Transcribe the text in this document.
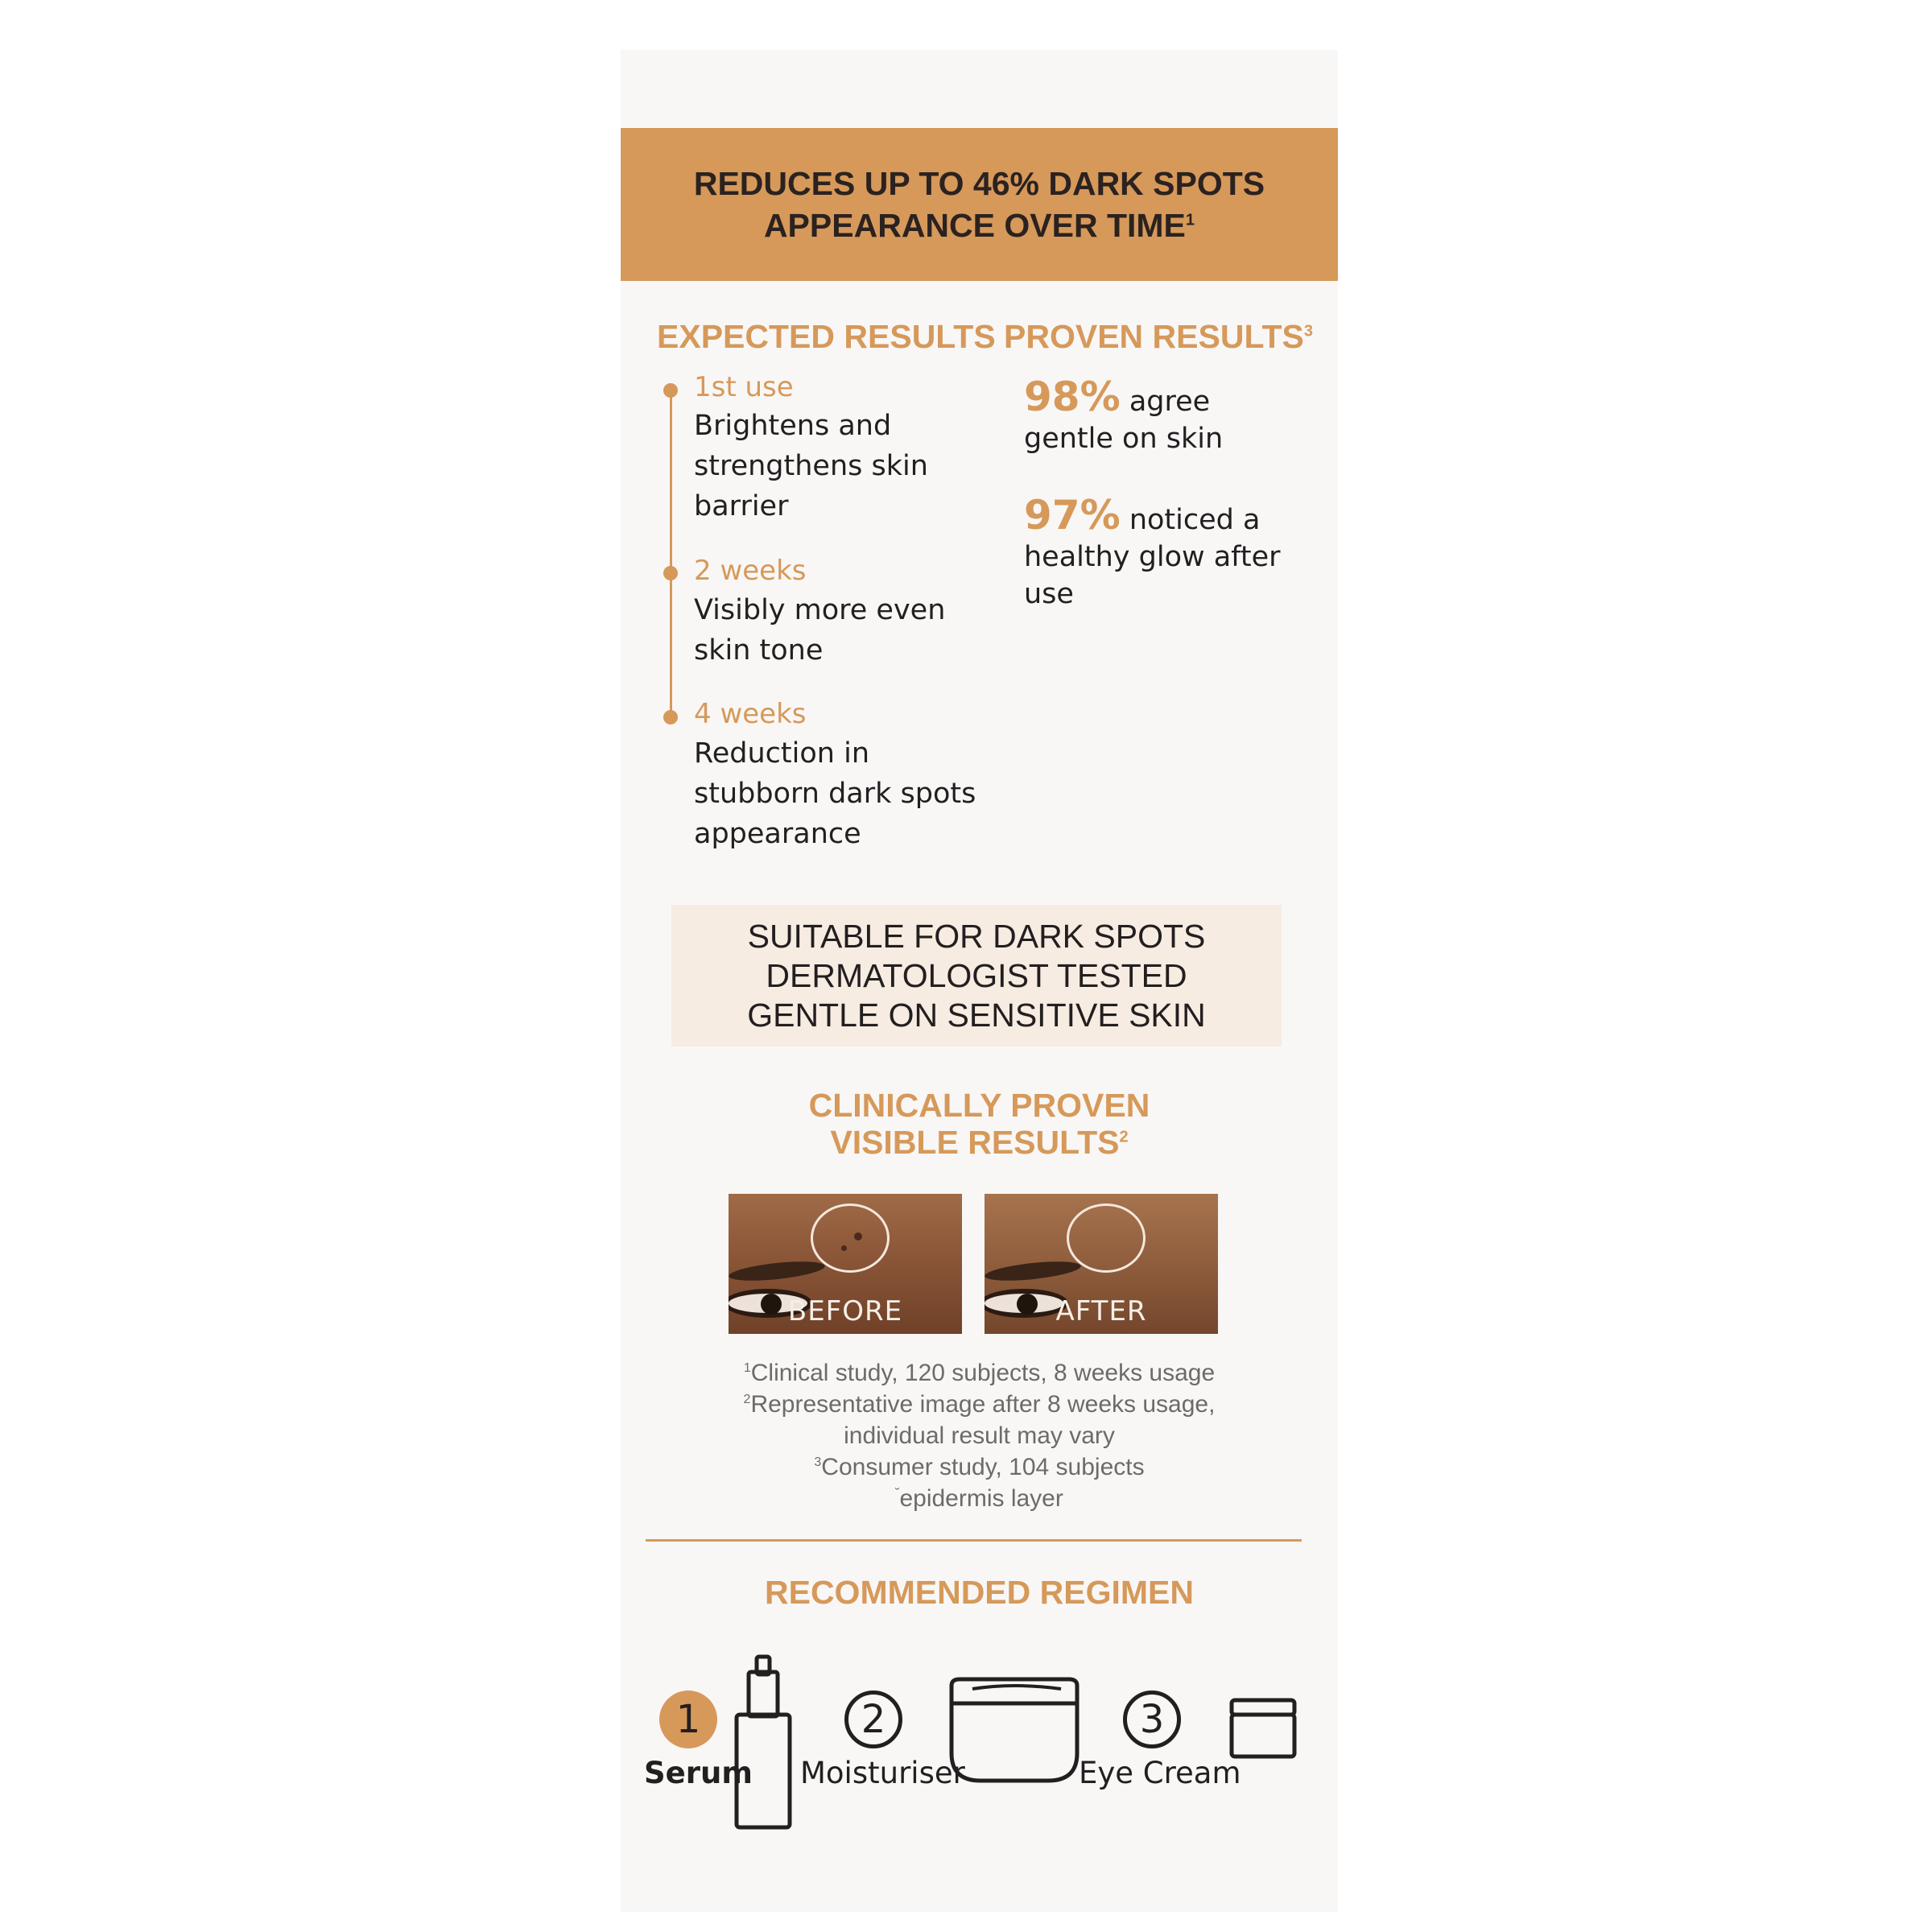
REDUCES UP TO 46% DARK SPOTS
APPEARANCE OVER TIME$^1$
EXPECTED RESULTS PROVEN RESULTS$^3$
1st use
Brightens and strengthens skin barrier
2 weeks
Visibly more even skin tone
4 weeks
Reduction in stubborn dark spots appearance
98% agree
gentle on skin
97% noticed a
healthy glow after use
SUITABLE FOR DARK SPOTS
DERMATOLOGIST TESTED
GENTLE ON SENSITIVE SKIN
CLINICALLY PROVEN
VISIBLE RESULTS$^2$
BEFORE	AFTER
$^1$Clinical study, 120 subjects, 8 weeks usage
$^2$Representative image after 8 weeks usage,
individual result may vary
$^3$Consumer study, 104 subjects
˘epidermis layer
RECOMMENDED REGIMEN
1
Serum
2
Moisturiser
3
Eye Cream
